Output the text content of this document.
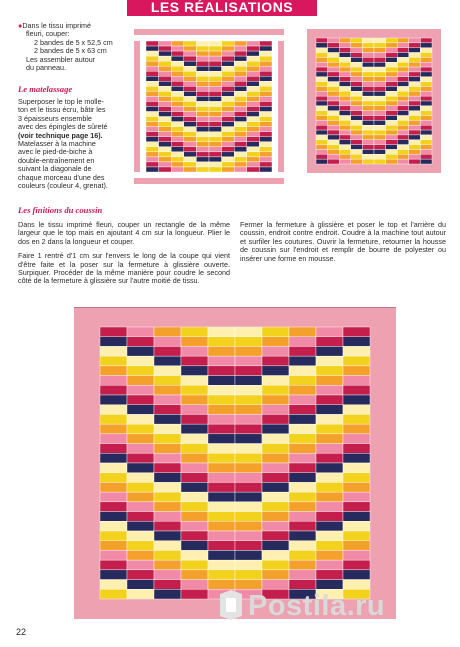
LES RÉALISATIONS
●Dans le tissu imprimé
fleuri, couper:
2 bandes de 5 x 52,5 cm
2 bandes de 5 x 63 cm
Les assembler autour
du panneau.
Le matelassage
Superposer le top le molle-
ton et le tissu écru, bâtir les
3 épaisseurs ensemble
avec des épingles de sûreté
(voir technique page 16).
Matelasser à la machine
avec le pied-de-biche à
double-entraînement en
suivant la diagonale de
chaque morceau d'une des
couleurs (couleur 4, grenat).
Les finitions du coussin

Dans le tissu imprimé fleuri, couper un rectangle de la même largeur que le top mais en ajoutant 4 cm sur la longueur. Plier le dos en 2 dans la longueur et couper.

Faire 1 rentré d'1 cm sur l'envers le long de la coupe qui vient d'être faite et la poser sur la fermeture à glissière ouverte. Surpiquer. Procéder de la même manière pour coudre le second côté de la fermeture à glissière sur l'autre moitié de tissu.

Fermer la fermeture à glissière et poser le top et l'arrière du coussin, endroit contre endroit. Coudre à la machine tout autour et surfiler les coutures. Ouvrir la fermeture, retourner la housse de coussin sur l'endroit et remplir de bourre de polyester ou insérer une forme en mousse.

Postila.ru
22
